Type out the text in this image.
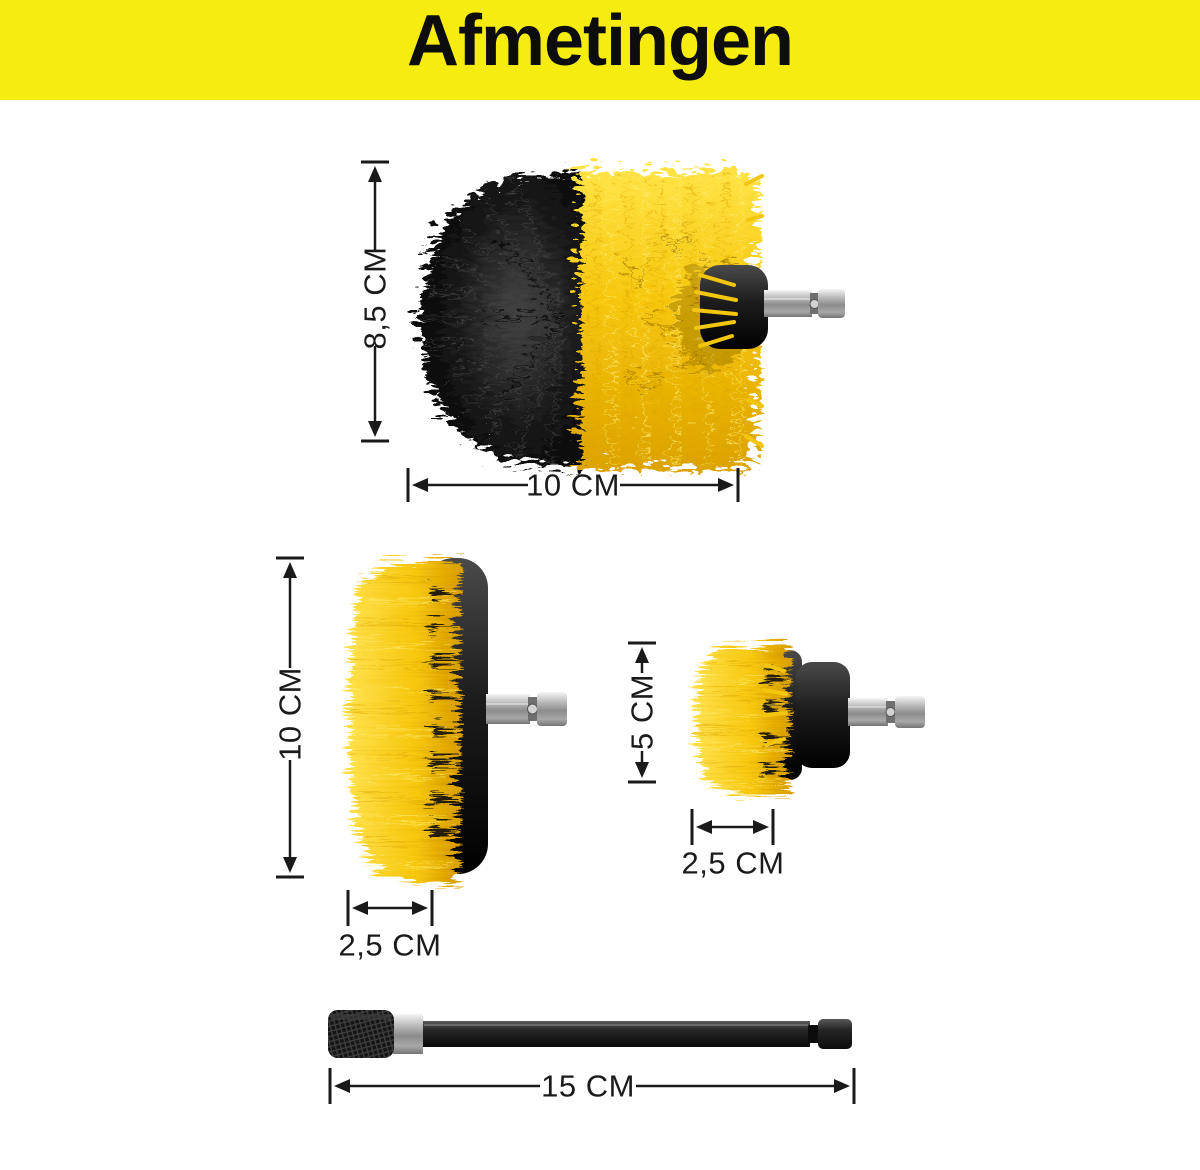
Afmetingen
8,5 CM
10 CM
10 CM
2,5 CM
5 CM
2,5 CM
15 CM
